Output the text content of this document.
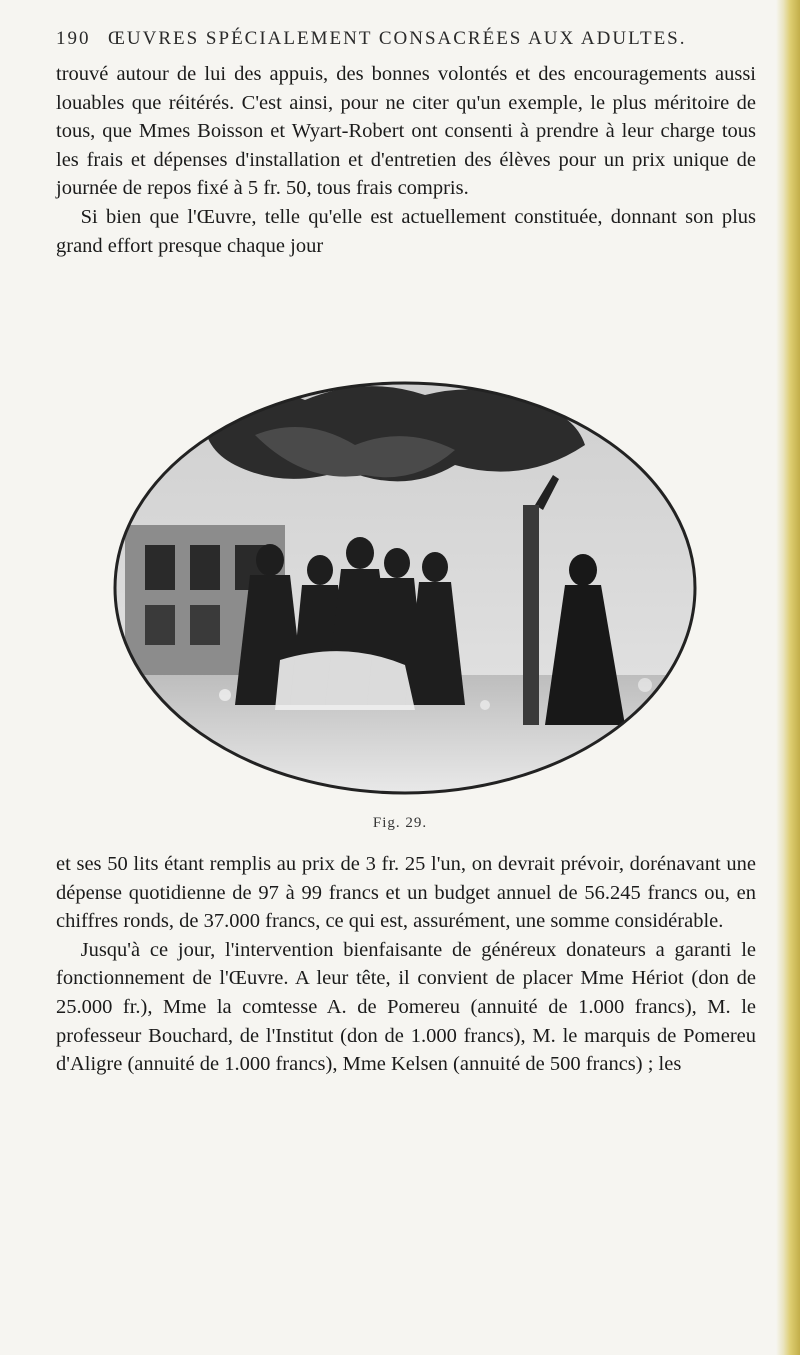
190 ŒUVRES SPÉCIALEMENT CONSACRÉES AUX ADULTES.

trouvé autour de lui des appuis, des bonnes volontés et des encouragements aussi louables que réitérés. C'est ainsi, pour ne citer qu'un exemple, le plus méritoire de tous, que Mmes Boisson et Wyart-Robert ont consenti à prendre à leur charge tous les frais et dépenses d'installation et d'entretien des élèves pour un prix unique de journée de repos fixé à 5 fr. 50, tous frais compris.

Si bien que l'Œuvre, telle qu'elle est actuellement constituée, donnant son plus grand effort presque chaque jour

Fig. 29.

et ses 50 lits étant remplis au prix de 3 fr. 25 l'un, on devrait prévoir, dorénavant une dépense quotidienne de 97 à 99 francs et un budget annuel de 56.245 francs ou, en chiffres ronds, de 37.000 francs, ce qui est, assurément, une somme considérable.

Jusqu'à ce jour, l'intervention bienfaisante de généreux donateurs a garanti le fonctionnement de l'Œuvre. A leur tête, il convient de placer Mme Hériot (don de 25.000 fr.), Mme la comtesse A. de Pomereu (annuité de 1.000 francs), M. le professeur Bouchard, de l'Institut (don de 1.000 francs), M. le marquis de Pomereu d'Aligre (annuité de 1.000 francs), Mme Kelsen (annuité de 500 francs) ; les
